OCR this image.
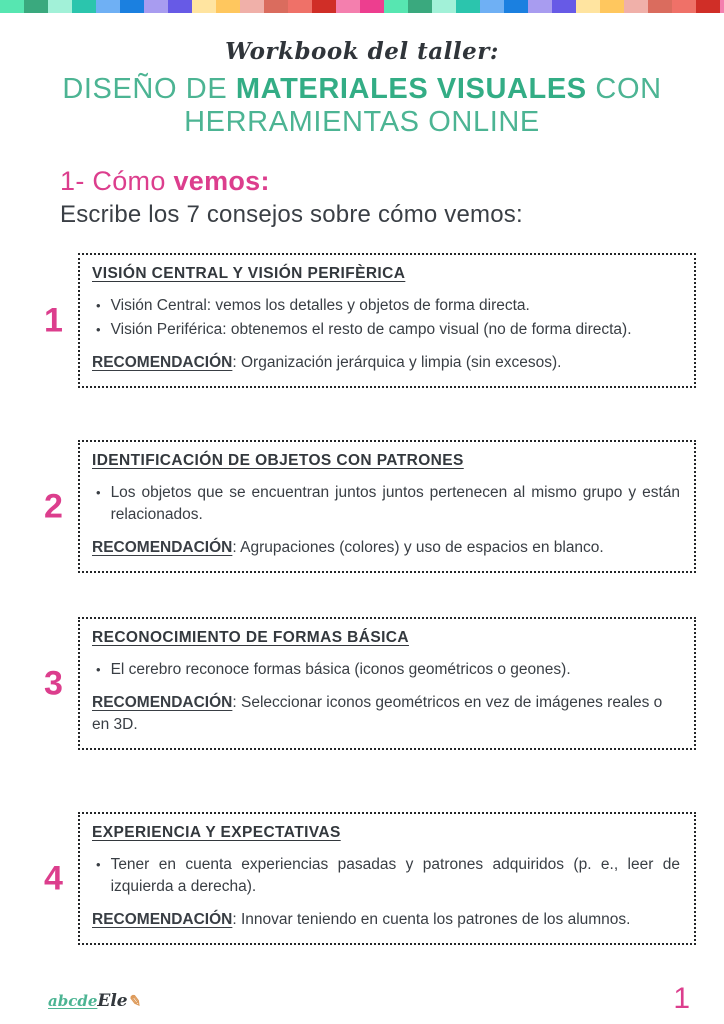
Workbook del taller:
DISEÑO DE MATERIALES VISUALES CON
HERRAMIENTAS ONLINE
1- Cómo vemos:
Escribe los 7 consejos sobre cómo vemos:
1
VISIÓN CENTRAL Y VISIÓN PERIFÈRICA
• Visión Central: vemos los detalles y objetos de forma directa.
• Visión Periférica: obtenemos el resto de campo visual (no de forma directa).
RECOMENDACIÓN: Organización jerárquica y limpia (sin excesos).
2
IDENTIFICACIÓN DE OBJETOS CON PATRONES
• Los objetos que se encuentran juntos juntos pertenecen al mismo grupo y están relacionados.
RECOMENDACIÓN: Agrupaciones (colores) y uso de espacios en blanco.
3
RECONOCIMIENTO DE FORMAS BÁSICA
• El cerebro reconoce formas básica (iconos geométricos o geones).
RECOMENDACIÓN: Seleccionar iconos geométricos en vez de imágenes reales o en 3D.
4
EXPERIENCIA Y EXPECTATIVAS
• Tener en cuenta experiencias pasadas y patrones adquiridos (p. e., leer de izquierda a derecha).
RECOMENDACIÓN: Innovar teniendo en cuenta los patrones de los alumnos.
abcdeEle✎	1
